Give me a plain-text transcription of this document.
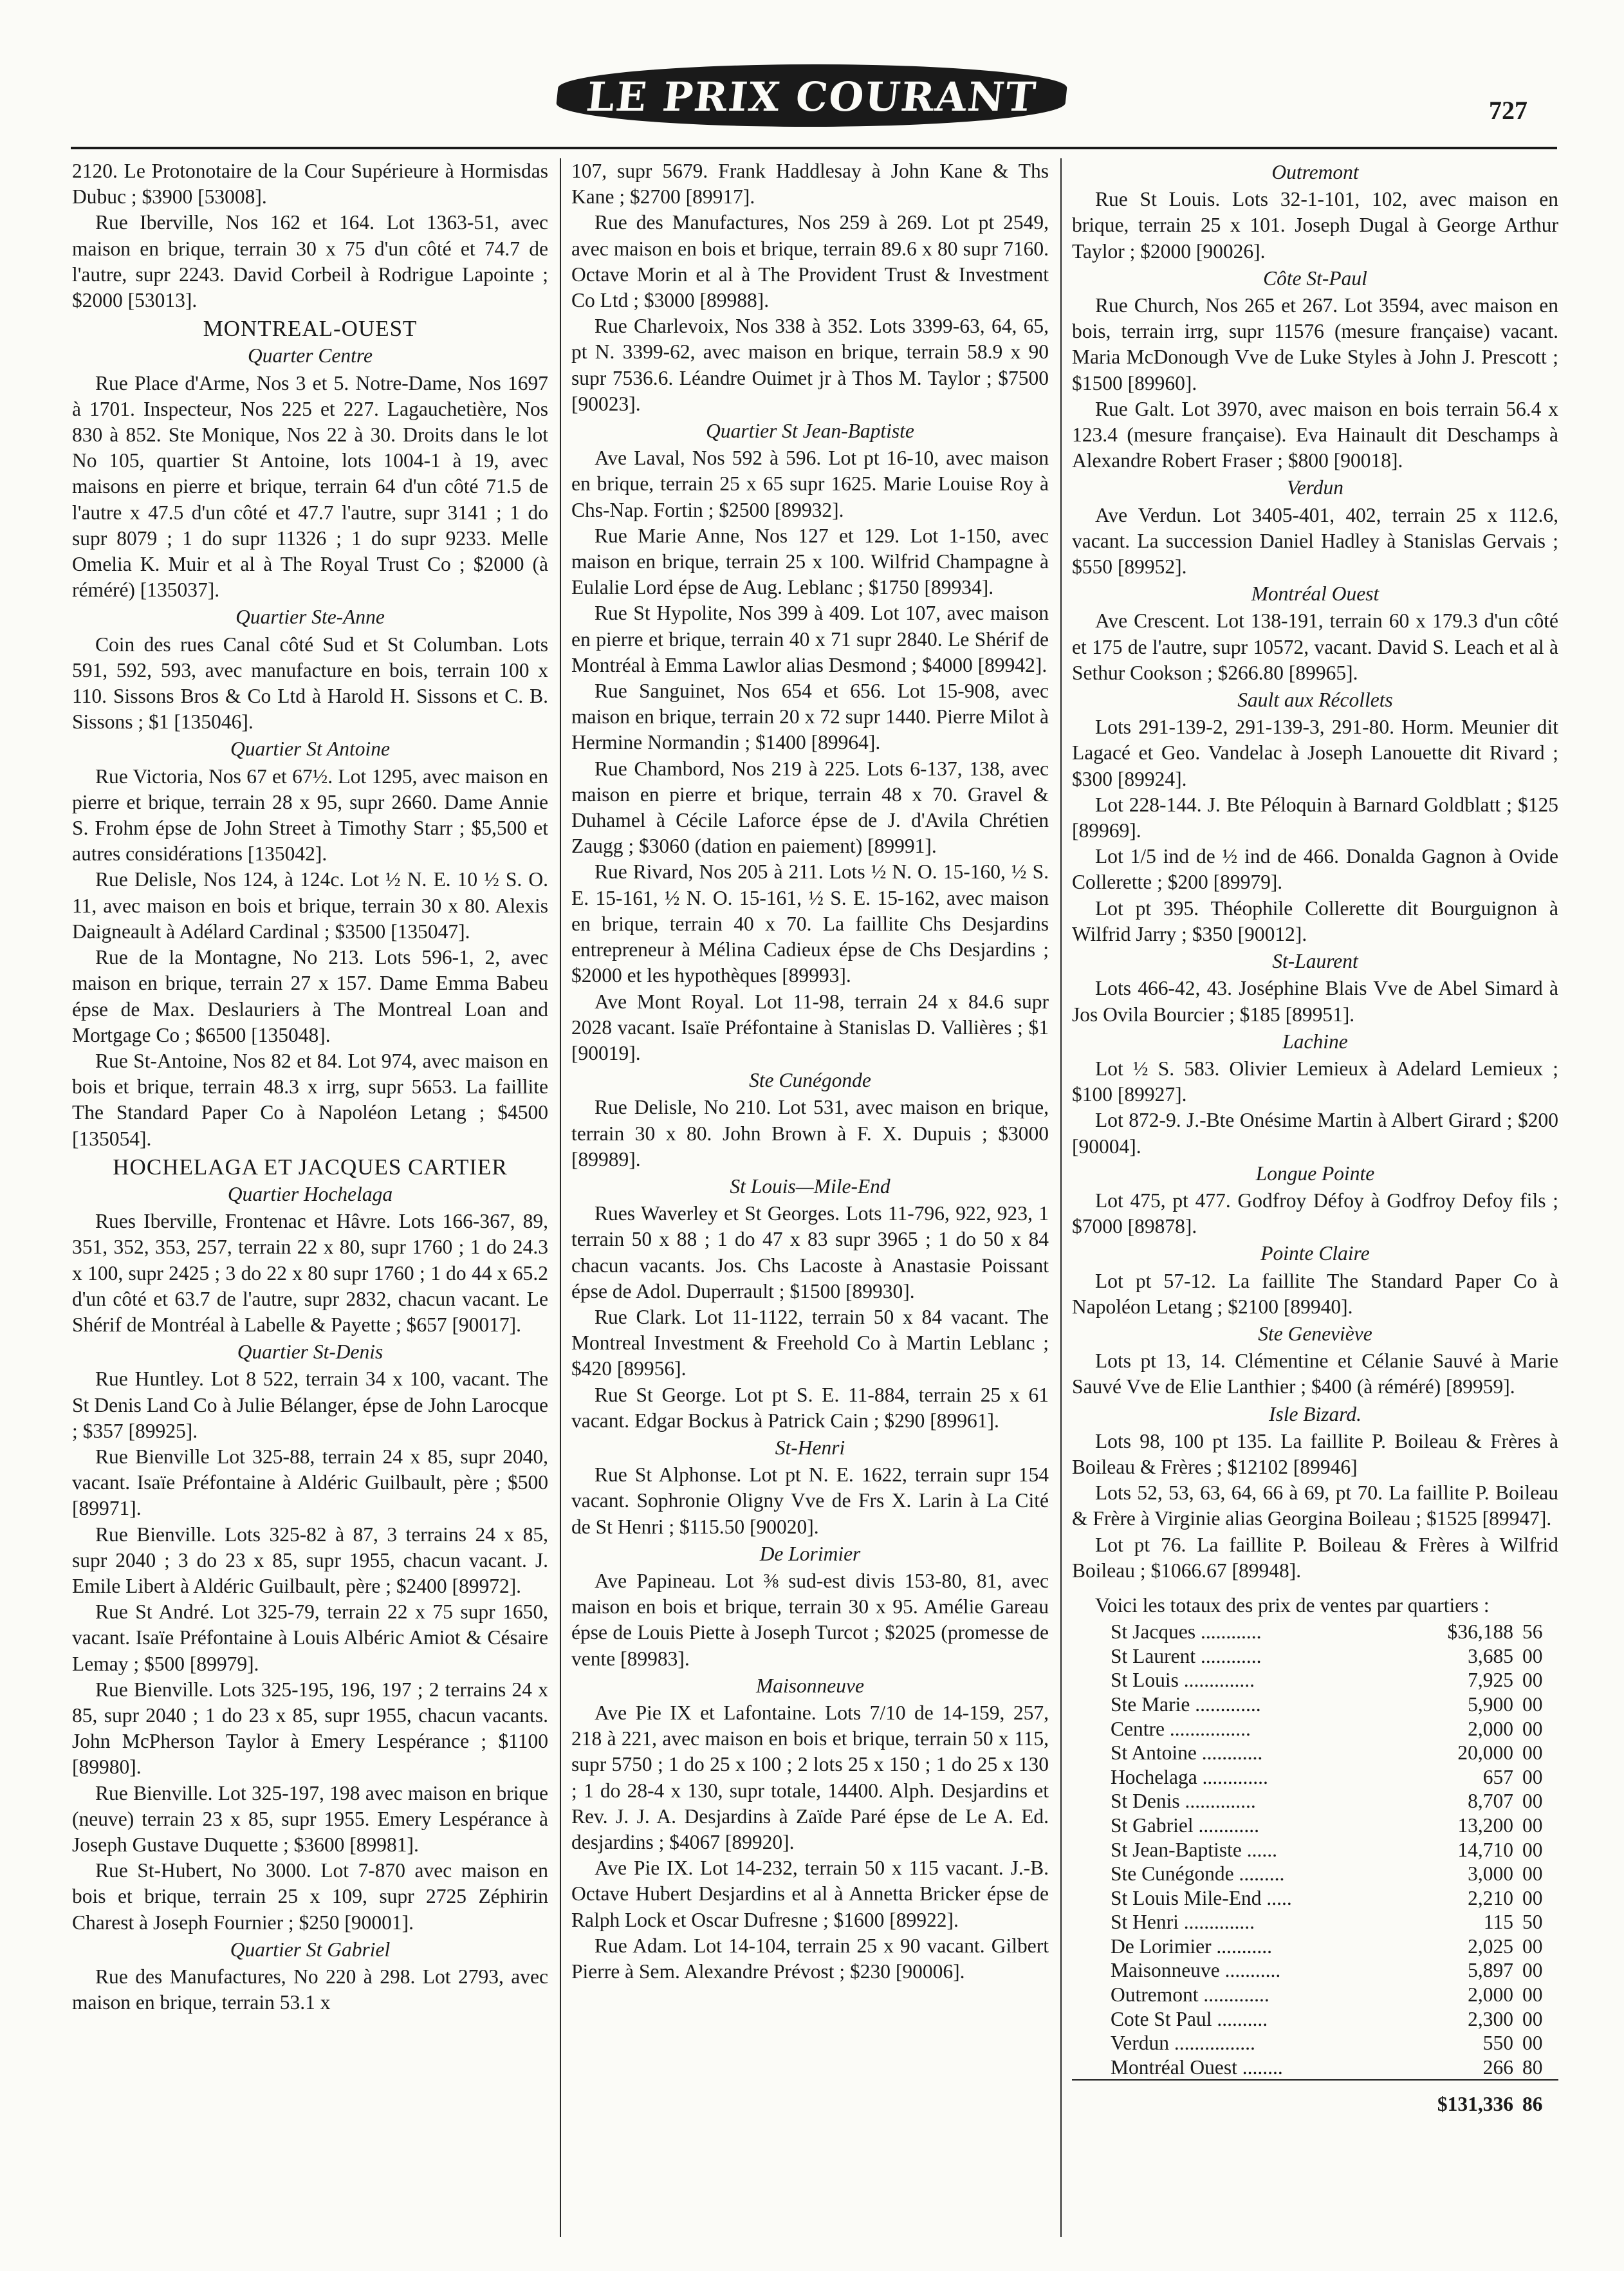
LE PRIX COURANT	727

2120. Le Protonotaire de la Cour Supérieure à Hormisdas Dubuc ; $3900 [53008].

Rue Iberville, Nos 162 et 164. Lot 1363-51, avec maison en brique, terrain 30 x 75 d'un côté et 74.7 de l'autre, supr 2243. David Corbeil à Rodrigue Lapointe ; $2000 [53013].

MONTREAL-OUEST
Quarter Centre

Rue Place d'Arme, Nos 3 et 5. Notre-Dame, Nos 1697 à 1701. Inspecteur, Nos 225 et 227. Lagauchetière, Nos 830 à 852. Ste Monique, Nos 22 à 30. Droits dans le lot No 105, quartier St Antoine, lots 1004-1 à 19, avec maisons en pierre et brique, terrain 64 d'un côté 71.5 de l'autre x 47.5 d'un côté et 47.7 l'autre, supr 3141 ; 1 do supr 8079 ; 1 do supr 11326 ; 1 do supr 9233. Melle Omelia K. Muir et al à The Royal Trust Co ; $2000 (à réméré) [135037].

Quartier Ste-Anne

Coin des rues Canal côté Sud et St Columban. Lots 591, 592, 593, avec manufacture en bois, terrain 100 x 110. Sissons Bros & Co Ltd à Harold H. Sissons et C. B. Sissons ; $1 [135046].

Quartier St Antoine

Rue Victoria, Nos 67 et 67½. Lot 1295, avec maison en pierre et brique, terrain 28 x 95, supr 2660. Dame Annie S. Frohm épse de John Street à Timothy Starr ; $5,500 et autres considérations [135042].

Rue Delisle, Nos 124, à 124c. Lot ½ N. E. 10 ½ S. O. 11, avec maison en bois et brique, terrain 30 x 80. Alexis Daigneault à Adélard Cardinal ; $3500 [135047].

Rue de la Montagne, No 213. Lots 596-1, 2, avec maison en brique, terrain 27 x 157. Dame Emma Babeu épse de Max. Deslauriers à The Montreal Loan and Mortgage Co ; $6500 [135048].

Rue St-Antoine, Nos 82 et 84. Lot 974, avec maison en bois et brique, terrain 48.3 x irrg, supr 5653. La faillite The Standard Paper Co à Napoléon Letang ; $4500 [135054].

HOCHELAGA ET JACQUES CARTIER
Quartier Hochelaga

Rues Iberville, Frontenac et Hâvre. Lots 166-367, 89, 351, 352, 353, 257, terrain 22 x 80, supr 1760 ; 1 do 24.3 x 100, supr 2425 ; 3 do 22 x 80 supr 1760 ; 1 do 44 x 65.2 d'un côté et 63.7 de l'autre, supr 2832, chacun vacant. Le Shérif de Montréal à Labelle & Payette ; $657 [90017].

Quartier St-Denis

Rue Huntley. Lot 8 522, terrain 34 x 100, vacant. The St Denis Land Co à Julie Bélanger, épse de John Larocque ; $357 [89925].

Rue Bienville Lot 325-88, terrain 24 x 85, supr 2040, vacant. Isaïe Préfontaine à Aldéric Guilbault, père ; $500 [89971].

Rue Bienville. Lots 325-82 à 87, 3 terrains 24 x 85, supr 2040 ; 3 do 23 x 85, supr 1955, chacun vacant. J. Emile Libert à Aldéric Guilbault, père ; $2400 [89972].

Rue St André. Lot 325-79, terrain 22 x 75 supr 1650, vacant. Isaïe Préfontaine à Louis Albéric Amiot & Césaire Lemay ; $500 [89979].

Rue Bienville. Lots 325-195, 196, 197 ; 2 terrains 24 x 85, supr 2040 ; 1 do 23 x 85, supr 1955, chacun vacants. John McPherson Taylor à Emery Lespérance ; $1100 [89980].

Rue Bienville. Lot 325-197, 198 avec maison en brique (neuve) terrain 23 x 85, supr 1955. Emery Lespérance à Joseph Gustave Duquette ; $3600 [89981].

Rue St-Hubert, No 3000. Lot 7-870 avec maison en bois et brique, terrain 25 x 109, supr 2725 Zéphirin Charest à Joseph Fournier ; $250 [90001].

Quartier St Gabriel

Rue des Manufactures, No 220 à 298. Lot 2793, avec maison en brique, terrain 53.1 x

107, supr 5679. Frank Haddlesay à John Kane & Ths Kane ; $2700 [89917].

Rue des Manufactures, Nos 259 à 269. Lot pt 2549, avec maison en bois et brique, terrain 89.6 x 80 supr 7160. Octave Morin et al à The Provident Trust & Investment Co Ltd ; $3000 [89988].

Rue Charlevoix, Nos 338 à 352. Lots 3399-63, 64, 65, pt N. 3399-62, avec maison en brique, terrain 58.9 x 90 supr 7536.6. Léandre Ouimet jr à Thos M. Taylor ; $7500 [90023].

Quartier St Jean-Baptiste

Ave Laval, Nos 592 à 596. Lot pt 16-10, avec maison en brique, terrain 25 x 65 supr 1625. Marie Louise Roy à Chs-Nap. Fortin ; $2500 [89932].

Rue Marie Anne, Nos 127 et 129. Lot 1-150, avec maison en brique, terrain 25 x 100. Wilfrid Champagne à Eulalie Lord épse de Aug. Leblanc ; $1750 [89934].

Rue St Hypolite, Nos 399 à 409. Lot 107, avec maison en pierre et brique, terrain 40 x 71 supr 2840. Le Shérif de Montréal à Emma Lawlor alias Desmond ; $4000 [89942].

Rue Sanguinet, Nos 654 et 656. Lot 15-908, avec maison en brique, terrain 20 x 72 supr 1440. Pierre Milot à Hermine Normandin ; $1400 [89964].

Rue Chambord, Nos 219 à 225. Lots 6-137, 138, avec maison en pierre et brique, terrain 48 x 70. Gravel & Duhamel à Cécile Laforce épse de J. d'Avila Chrétien Zaugg ; $3060 (dation en paiement) [89991].

Rue Rivard, Nos 205 à 211. Lots ½ N. O. 15-160, ½ S. E. 15-161, ½ N. O. 15-161, ½ S. E. 15-162, avec maison en brique, terrain 40 x 70. La faillite Chs Desjardins entrepreneur à Mélina Cadieux épse de Chs Desjardins ; $2000 et les hypothèques [89993].

Ave Mont Royal. Lot 11-98, terrain 24 x 84.6 supr 2028 vacant. Isaïe Préfontaine à Stanislas D. Vallières ; $1 [90019].

Ste Cunégonde

Rue Delisle, No 210. Lot 531, avec maison en brique, terrain 30 x 80. John Brown à F. X. Dupuis ; $3000 [89989].

St Louis—Mile-End

Rues Waverley et St Georges. Lots 11-796, 922, 923, 1 terrain 50 x 88 ; 1 do 47 x 83 supr 3965 ; 1 do 50 x 84 chacun vacants. Jos. Chs Lacoste à Anastasie Poissant épse de Adol. Duperrault ; $1500 [89930].

Rue Clark. Lot 11-1122, terrain 50 x 84 vacant. The Montreal Investment & Freehold Co à Martin Leblanc ; $420 [89956].

Rue St George. Lot pt S. E. 11-884, terrain 25 x 61 vacant. Edgar Bockus à Patrick Cain ; $290 [89961].

St-Henri

Rue St Alphonse. Lot pt N. E. 1622, terrain supr 154 vacant. Sophronie Oligny Vve de Frs X. Larin à La Cité de St Henri ; $115.50 [90020].

De Lorimier

Ave Papineau. Lot ⅜ sud-est divis 153-80, 81, avec maison en bois et brique, terrain 30 x 95. Amélie Gareau épse de Louis Piette à Joseph Turcot ; $2025 (promesse de vente [89983].

Maisonneuve

Ave Pie IX et Lafontaine. Lots 7/10 de 14-159, 257, 218 à 221, avec maison en bois et brique, terrain 50 x 115, supr 5750 ; 1 do 25 x 100 ; 2 lots 25 x 150 ; 1 do 25 x 130 ; 1 do 28-4 x 130, supr totale, 14400. Alph. Desjardins et Rev. J. J. A. Desjardins à Zaïde Paré épse de Le A. Ed. desjardins ; $4067 [89920].

Ave Pie IX. Lot 14-232, terrain 50 x 115 vacant. J.-B. Octave Hubert Desjardins et al à Annetta Bricker épse de Ralph Lock et Oscar Dufresne ; $1600 [89922].

Rue Adam. Lot 14-104, terrain 25 x 90 vacant. Gilbert Pierre à Sem. Alexandre Prévost ; $230 [90006].

Outremont

Rue St Louis. Lots 32-1-101, 102, avec maison en brique, terrain 25 x 101. Joseph Dugal à George Arthur Taylor ; $2000 [90026].

Côte St-Paul

Rue Church, Nos 265 et 267. Lot 3594, avec maison en bois, terrain irrg, supr 11576 (mesure française) vacant. Maria McDonough Vve de Luke Styles à John J. Prescott ; $1500 [89960].

Rue Galt. Lot 3970, avec maison en bois terrain 56.4 x 123.4 (mesure française). Eva Hainault dit Deschamps à Alexandre Robert Fraser ; $800 [90018].

Verdun

Ave Verdun. Lot 3405-401, 402, terrain 25 x 112.6, vacant. La succession Daniel Hadley à Stanislas Gervais ; $550 [89952].

Montréal Ouest

Ave Crescent. Lot 138-191, terrain 60 x 179.3 d'un côté et 175 de l'autre, supr 10572, vacant. David S. Leach et al à Sethur Cookson ; $266.80 [89965].

Sault aux Récollets

Lots 291-139-2, 291-139-3, 291-80. Horm. Meunier dit Lagacé et Geo. Vandelac à Joseph Lanouette dit Rivard ; $300 [89924].

Lot 228-144. J. Bte Péloquin à Barnard Goldblatt ; $125 [89969].

Lot 1/5 ind de ½ ind de 466. Donalda Gagnon à Ovide Collerette ; $200 [89979].

Lot pt 395. Théophile Collerette dit Bourguignon à Wilfrid Jarry ; $350 [90012].

St-Laurent

Lots 466-42, 43. Joséphine Blais Vve de Abel Simard à Jos Ovila Bourcier ; $185 [89951].

Lachine

Lot ½ S. 583. Olivier Lemieux à Adelard Lemieux ; $100 [89927].

Lot 872-9. J.-Bte Onésime Martin à Albert Girard ; $200 [90004].

Longue Pointe

Lot 475, pt 477. Godfroy Défoy à Godfroy Defoy fils ; $7000 [89878].

Pointe Claire

Lot pt 57-12. La faillite The Standard Paper Co à Napoléon Letang ; $2100 [89940].

Ste Geneviève

Lots pt 13, 14. Clémentine et Célanie Sauvé à Marie Sauvé Vve de Elie Lanthier ; $400 (à réméré) [89959].

Isle Bizard.

Lots 98, 100 pt 135. La faillite P. Boileau & Frères à Boileau & Frères ; $12102 [89946]

Lots 52, 53, 63, 64, 66 à 69, pt 70. La faillite P. Boileau & Frère à Virginie alias Georgina Boileau ; $1525 [89947].

Lot pt 76. La faillite P. Boileau & Frères à Wilfrid Boileau ; $1066.67 [89948].

Voici les totaux des prix de ventes par quartiers :

St Jacques ............	$36,188	56
St Laurent ............	3,685	00
St Louis ..............	7,925	00
Ste Marie .............	5,900	00
Centre ................	2,000	00
St Antoine ............	20,000	00
Hochelaga .............	657	00
St Denis ..............	8,707	00
St Gabriel ............	13,200	00
St Jean-Baptiste ......	14,710	00
Ste Cunégonde .........	3,000	00
St Louis Mile-End .....	2,210	00
St Henri ..............	115	50
De Lorimier ...........	2,025	00
Maisonneuve ...........	5,897	00
Outremont .............	2,000	00
Cote St Paul ..........	2,300	00
Verdun ................	550	00
Montréal Ouest ........	266	80

	$131,336	86
